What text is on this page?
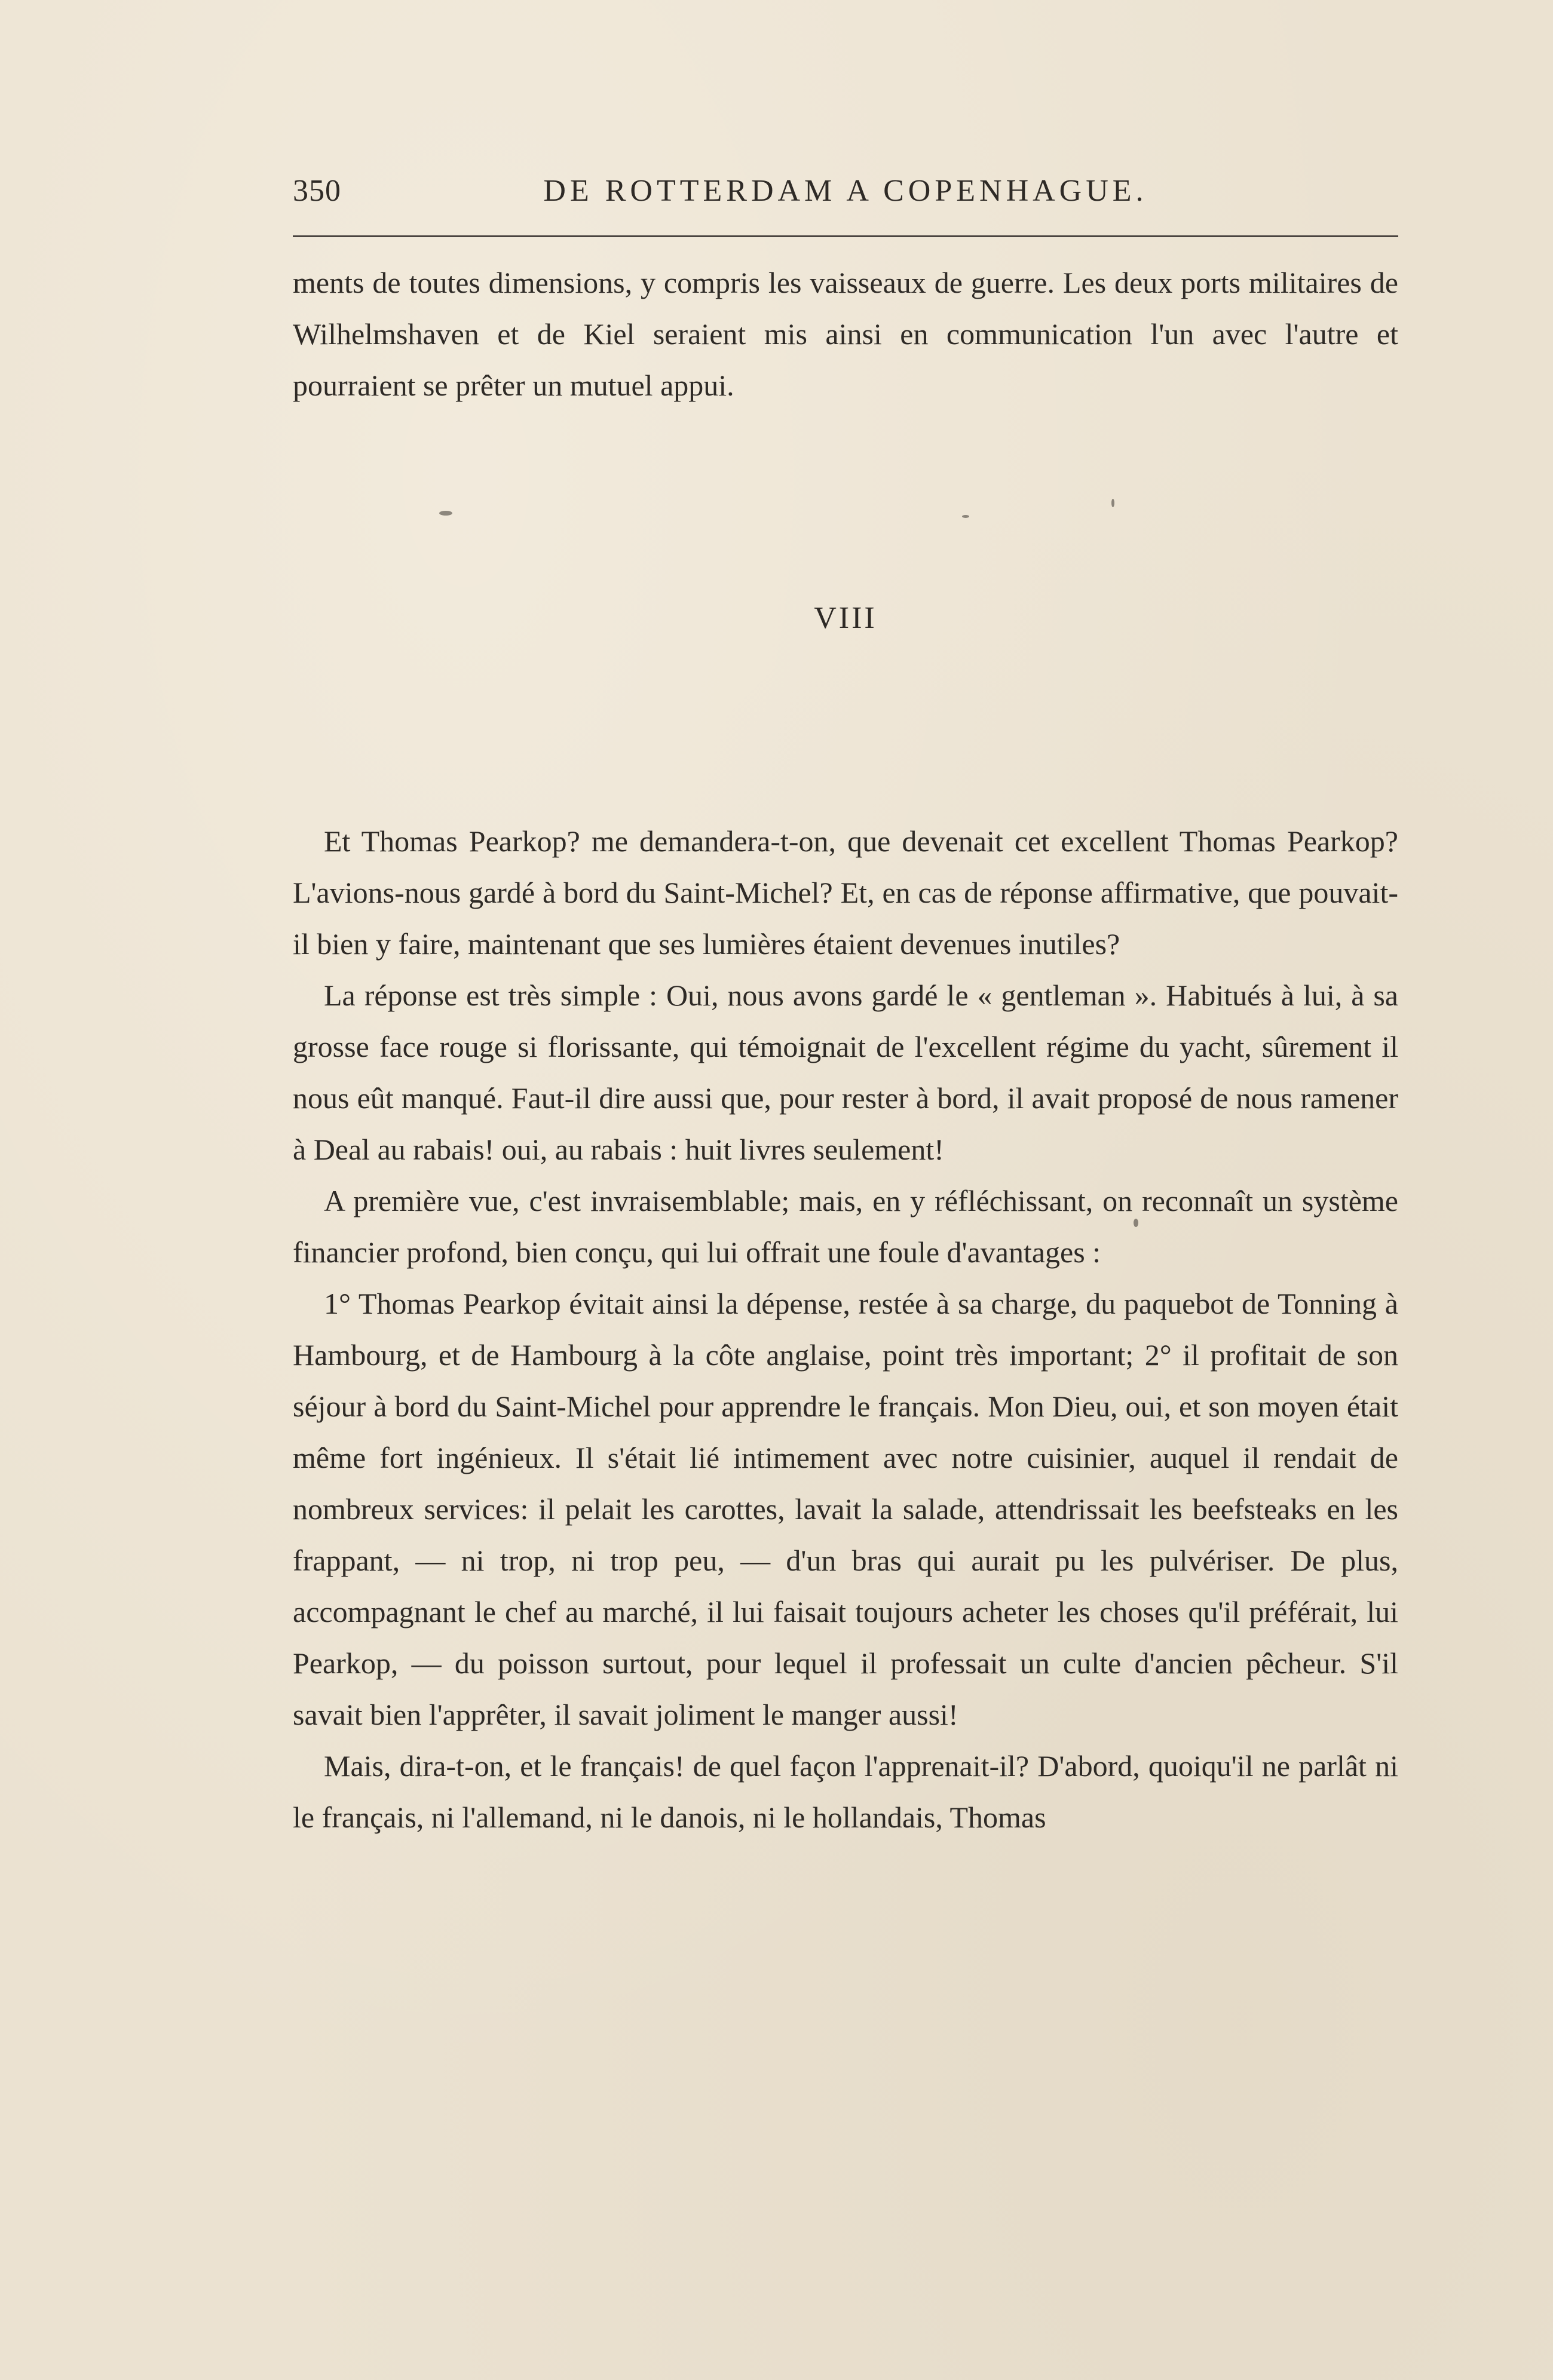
350	DE ROTTERDAM A COPENHAGUE.

ments de toutes dimensions, y compris les vaisseaux de guerre. Les deux ports militaires de Wilhelmshaven et de Kiel seraient mis ainsi en communication l'un avec l'autre et pourraient se prêter un mutuel appui.

VIII

Et Thomas Pearkop? me demandera-t-on, que devenait cet excellent Thomas Pearkop? L'avions-nous gardé à bord du Saint-Michel? Et, en cas de réponse affirmative, que pouvait-il bien y faire, maintenant que ses lumières étaient devenues inutiles?

La réponse est très simple : Oui, nous avons gardé le « gentleman ». Habitués à lui, à sa grosse face rouge si florissante, qui témoignait de l'excellent régime du yacht, sûrement il nous eût manqué. Faut-il dire aussi que, pour rester à bord, il avait proposé de nous ramener à Deal au rabais! oui, au rabais : huit livres seulement!

A première vue, c'est invraisemblable; mais, en y réfléchissant, on reconnaît un système financier profond, bien conçu, qui lui offrait une foule d'avantages :

1° Thomas Pearkop évitait ainsi la dépense, restée à sa charge, du paquebot de Tonning à Hambourg, et de Hambourg à la côte anglaise, point très important; 2° il profitait de son séjour à bord du Saint-Michel pour apprendre le français. Mon Dieu, oui, et son moyen était même fort ingénieux. Il s'était lié intimement avec notre cuisinier, auquel il rendait de nombreux services: il pelait les carottes, lavait la salade, attendrissait les beefsteaks en les frappant, — ni trop, ni trop peu, — d'un bras qui aurait pu les pulvériser. De plus, accompagnant le chef au marché, il lui faisait toujours acheter les choses qu'il préférait, lui Pearkop, — du poisson surtout, pour lequel il professait un culte d'ancien pêcheur. S'il savait bien l'apprêter, il savait joliment le manger aussi!

Mais, dira-t-on, et le français! de quel façon l'apprenait-il? D'abord, quoiqu'il ne parlât ni le français, ni l'allemand, ni le danois, ni le hollandais, Thomas
